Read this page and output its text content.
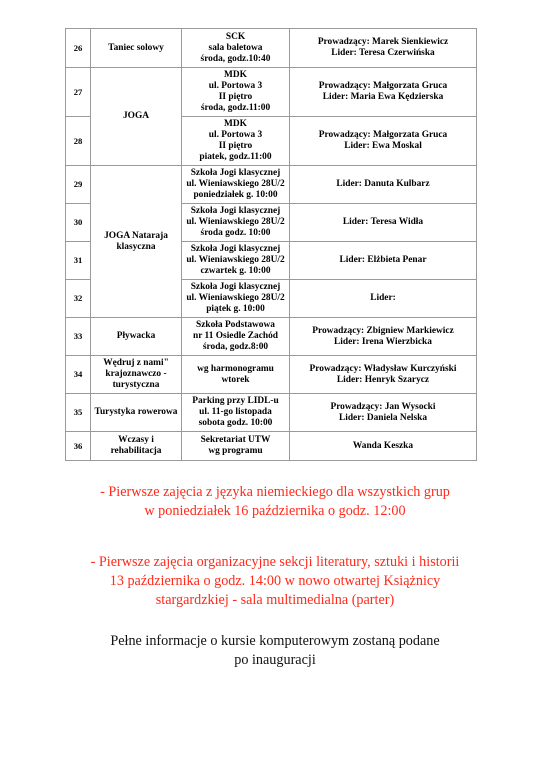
26	Taniec solowy	SCK
sala baletowa
środa, godz.10:40	Prowadzący: Marek Sienkiewicz
Lider: Teresa Czerwińska

27	JOGA	MDK
ul. Portowa 3
II piętro
środa, godz.11:00	Prowadzący: Małgorzata Gruca
Lider: Maria Ewa Kędzierska

28		MDK
ul. Portowa 3
II piętro
piatek, godz.11:00	Prowadzący: Małgorzata Gruca
Lider: Ewa Moskal

29	JOGA Nataraja
klasyczna	Szkoła Jogi klasycznej
ul. Wieniawskiego 28U/2
poniedziałek g. 10:00	Lider: Danuta Kulbarz

30		Szkoła Jogi klasycznej
ul. Wieniawskiego 28U/2
środa godz. 10:00	Lider: Teresa Widła

31		Szkoła Jogi klasycznej
ul. Wieniawskiego 28U/2
czwartek g. 10:00	Lider: Elżbieta Penar

32		Szkoła Jogi klasycznej
ul. Wieniawskiego 28U/2
piątek g. 10:00	Lider:

33	Pływacka	Szkoła Podstawowa
nr 11 Osiedle Zachód
środa, godz.8:00	Prowadzący: Zbigniew Markiewicz
Lider: Irena Wierzbicka

34	Wędruj z nami"
krajoznawczo -
turystyczna	wg harmonogramu
wtorek	Prowadzący: Władysław Kurczyński
Lider: Henryk Szarycz

35	Turystyka rowerowa	Parking przy LIDL-u
ul. 11-go listopada
sobota godz. 10:00	Prowadzący: Jan Wysocki
Lider: Daniela Nelska

36	Wczasy i
rehabilitacja	Sekretariat UTW
wg programu	Wanda Keszka
- Pierwsze zajęcia z języka niemieckiego dla wszystkich grup
w poniedziałek 16 października o godz. 12:00
- Pierwsze zajęcia organizacyjne sekcji literatury, sztuki i historii
13 października o godz. 14:00 w nowo otwartej Książnicy
stargardzkiej - sala multimedialna (parter)
Pełne informacje o kursie komputerowym zostaną podane
po inauguracji
